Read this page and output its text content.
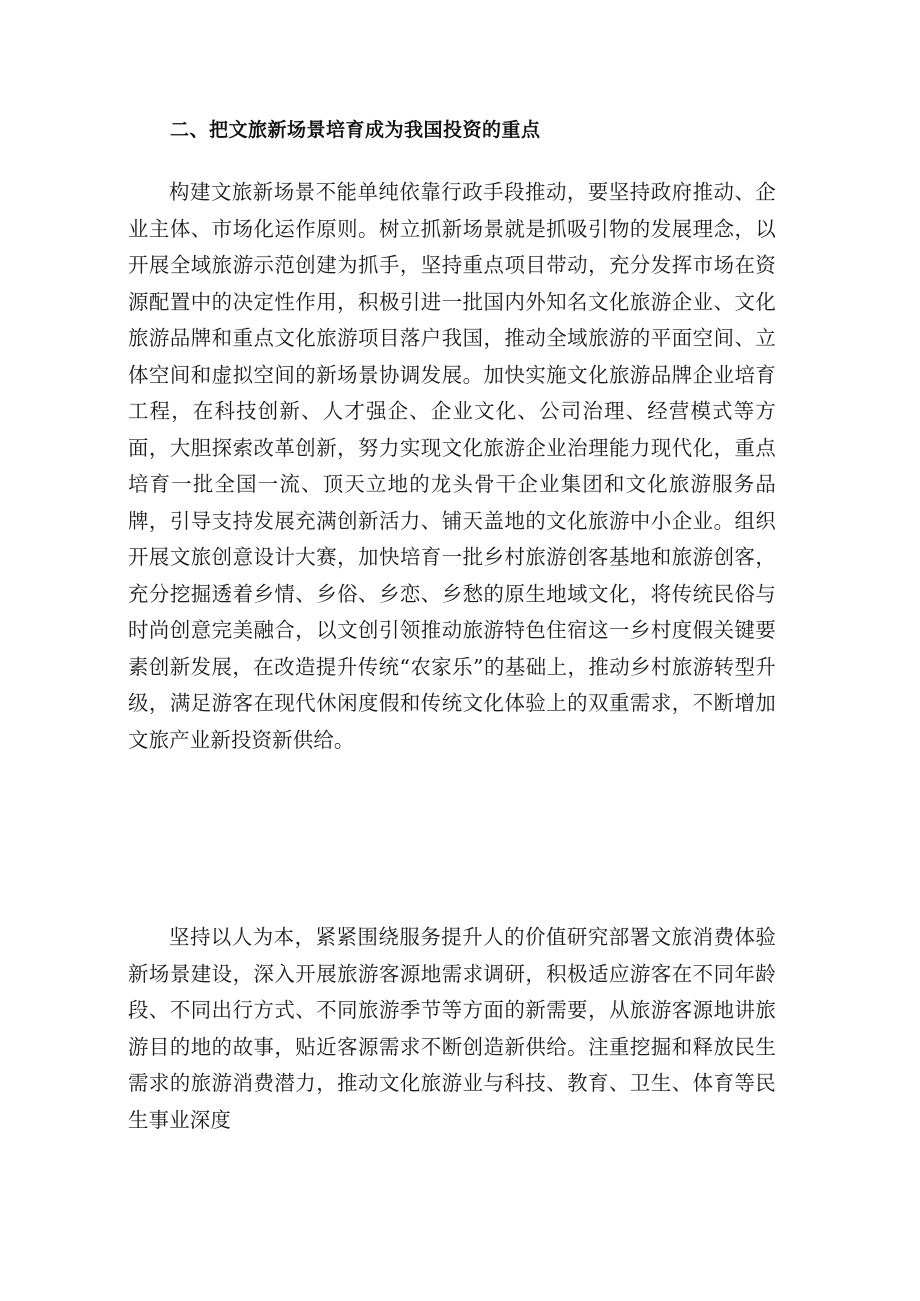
二、把文旅新场景培育成为我国投资的重点

构建文旅新场景不能单纯依靠行政手段推动，要坚持政府推动、企业主体、市场化运作原则。树立抓新场景就是抓吸引物的发展理念，以开展全域旅游示范创建为抓手，坚持重点项目带动，充分发挥市场在资源配置中的决定性作用，积极引进一批国内外知名文化旅游企业、文化旅游品牌和重点文化旅游项目落户我国，推动全域旅游的平面空间、立体空间和虚拟空间的新场景协调发展。加快实施文化旅游品牌企业培育工程，在科技创新、人才强企、企业文化、公司治理、经营模式等方面，大胆探索改革创新，努力实现文化旅游企业治理能力现代化，重点培育一批全国一流、顶天立地的龙头骨干企业集团和文化旅游服务品牌，引导支持发展充满创新活力、铺天盖地的文化旅游中小企业。组织开展文旅创意设计大赛，加快培育一批乡村旅游创客基地和旅游创客，充分挖掘透着乡情、乡俗、乡恋、乡愁的原生地域文化，将传统民俗与时尚创意完美融合，以文创引领推动旅游特色住宿这一乡村度假关键要素创新发展，在改造提升传统“农家乐”的基础上，推动乡村旅游转型升级，满足游客在现代休闲度假和传统文化体验上的双重需求，不断增加文旅产业新投资新供给。

坚持以人为本，紧紧围绕服务提升人的价值研究部署文旅消费体验新场景建设，深入开展旅游客源地需求调研，积极适应游客在不同年龄段、不同出行方式、不同旅游季节等方面的新需要，从旅游客源地讲旅游目的地的故事，贴近客源需求不断创造新供给。注重挖掘和释放民生需求的旅游消费潜力，推动文化旅游业与科技、教育、卫生、体育等民生事业深度
